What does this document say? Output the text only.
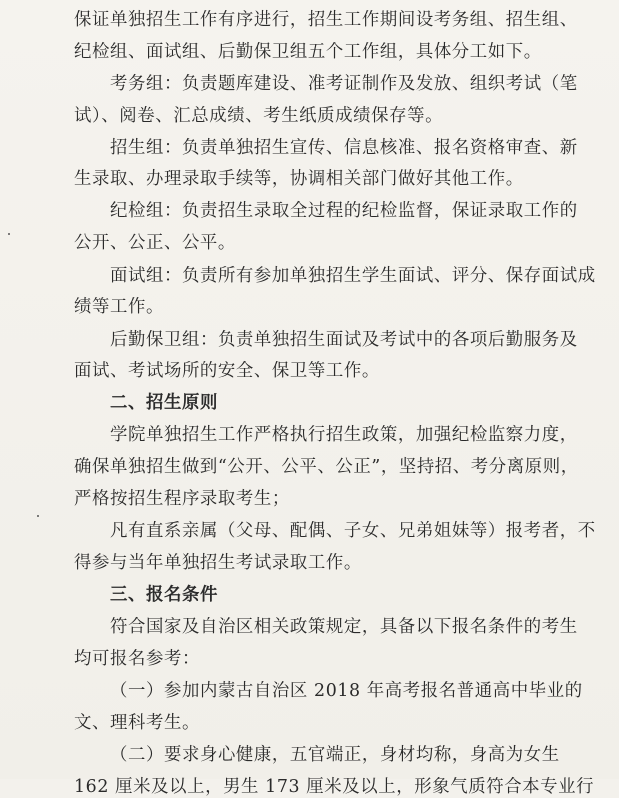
保证单独招生工作有序进行，招生工作期间设考务组、招生组、
纪检组、面试组、后勤保卫组五个工作组，具体分工如下。
考务组：负责题库建设、准考证制作及发放、组织考试（笔
试）、阅卷、汇总成绩、考生纸质成绩保存等。
招生组：负责单独招生宣传、信息核准、报名资格审查、新
生录取、办理录取手续等，协调相关部门做好其他工作。
纪检组：负责招生录取全过程的纪检监督，保证录取工作的
公开、公正、公平。
面试组：负责所有参加单独招生学生面试、评分、保存面试成
绩等工作。
后勤保卫组：负责单独招生面试及考试中的各项后勤服务及
面试、考试场所的安全、保卫等工作。
二、招生原则
学院单独招生工作严格执行招生政策，加强纪检监察力度，
确保单独招生做到“公开、公平、公正”，坚持招、考分离原则，
严格按招生程序录取考生；
凡有直系亲属（父母、配偶、子女、兄弟姐妹等）报考者，不
得参与当年单独招生考试录取工作。
三、报名条件
符合国家及自治区相关政策规定，具备以下报名条件的考生
均可报名参考：
（一）参加内蒙古自治区 2018 年高考报名普通高中毕业的
文、理科考生。
（二）要求身心健康，五官端正，身材均称，身高为女生
162 厘米及以上，男生 173 厘米及以上，形象气质符合本专业行
